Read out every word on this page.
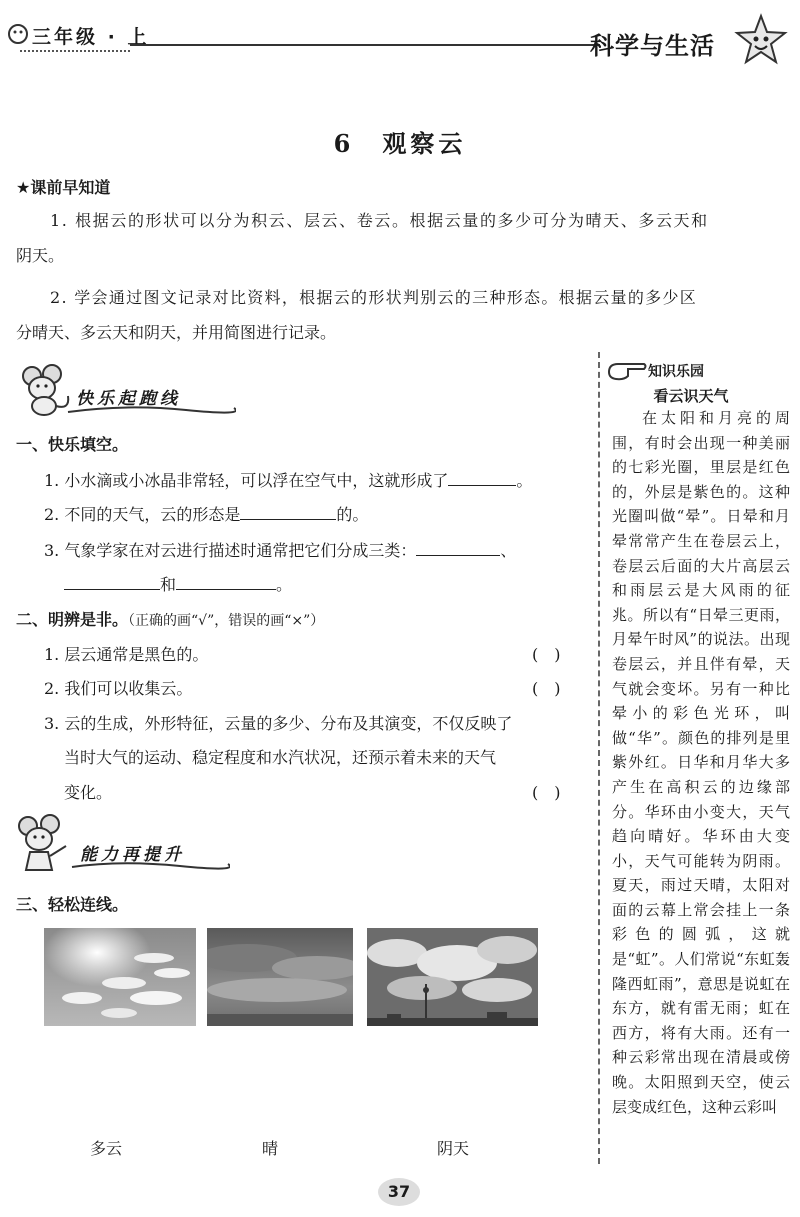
三年级 · 上	科学与生活
6　观察云
★课前早知道
1. 根据云的形状可以分为积云、层云、卷云。根据云量的多少可分为晴天、多云天和
阴天。
2. 学会通过图文记录对比资料，根据云的形状判别云的三种形态。根据云量的多少区
分晴天、多云天和阴天，并用简图进行记录。
快乐起跑线
知识乐园
看云识天气
在太阳和月亮的周围，有时会出现一种美丽的七彩光圈，里层是红色的，外层是紫色的。这种光圈叫做“晕”。日晕和月晕常常产生在卷层云上，卷层云后面的大片高层云和雨层云是大风雨的征兆。所以有“日晕三更雨，月晕午时风”的说法。出现卷层云，并且伴有晕，天气就会变坏。另有一种比晕小的彩色光环，叫做“华”。颜色的排列是里紫外红。日华和月华大多产生在高积云的边缘部分。华环由小变大，天气趋向晴好。华环由大变小，天气可能转为阴雨。夏天，雨过天晴，太阳对面的云幕上常会挂上一条彩色的圆弧，这就是“虹”。人们常说“东虹轰隆西虹雨”，意思是说虹在东方，就有雷无雨；虹在西方，将有大雨。还有一种云彩常出现在清晨或傍晚。太阳照到天空，使云层变成红色，这种云彩叫
一、快乐填空。
1. 小水滴或小冰晶非常轻，可以浮在空气中，这就形成了	。
2. 不同的天气，云的形态是	的。
3. 气象学家在对云进行描述时通常把它们分成三类：	、
和	。
二、明辨是非。（正确的画“√”，错误的画“×”）
1. 层云通常是黑色的。	(　)
2. 我们可以收集云。	(　)
3. 云的生成，外形特征，云量的多少、分布及其演变，不仅反映了
当时大气的运动、稳定程度和水汽状况，还预示着未来的天气
变化。	(　)
能力再提升
三、轻松连线。
多云	晴	阴天
37
